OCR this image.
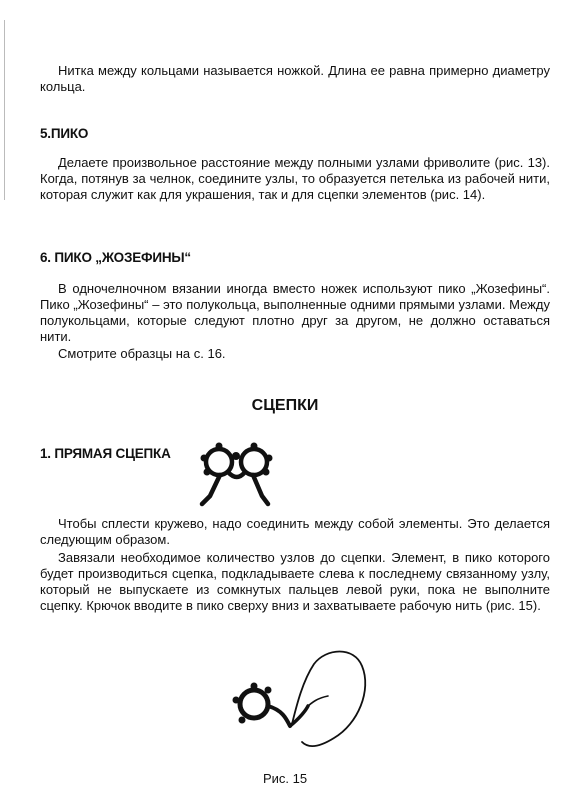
Нитка между кольцами называется ножкой. Длина ее равна примерно диаметру кольца.

5.ПИКО

Делаете произвольное расстояние между полными узлами фриволите (рис. 13). Когда, потянув за челнок, соедините узлы, то образуется петелька из рабочей нити, которая служит как для украшения, так и для сцепки элементов (рис. 14).

6. ПИКО „ЖОЗЕФИНЫ“

В одночелночном вязании иногда вместо ножек используют пико „Жозефины“. Пико „Жозефины“ – это полукольца, выполненные одними прямыми узлами. Между полукольцами, которые следуют плотно друг за другом, не должно оставаться нити.

Смотрите образцы на с. 16.

СЦЕПКИ
1. ПРЯМАЯ СЦЕПКА

Чтобы сплести кружево, надо соединить между собой элементы. Это делается следующим образом.

Завязали необходимое количество узлов до сцепки. Элемент, в пико которого будет производиться сцепка, подкладываете слева к последнему связанному узлу, который не выпускаете из сомкнутых пальцев левой руки, пока не выполните сцепку. Крючок вводите в пико сверху вниз и захватываете рабочую нить (рис. 15).

Рис. 15
